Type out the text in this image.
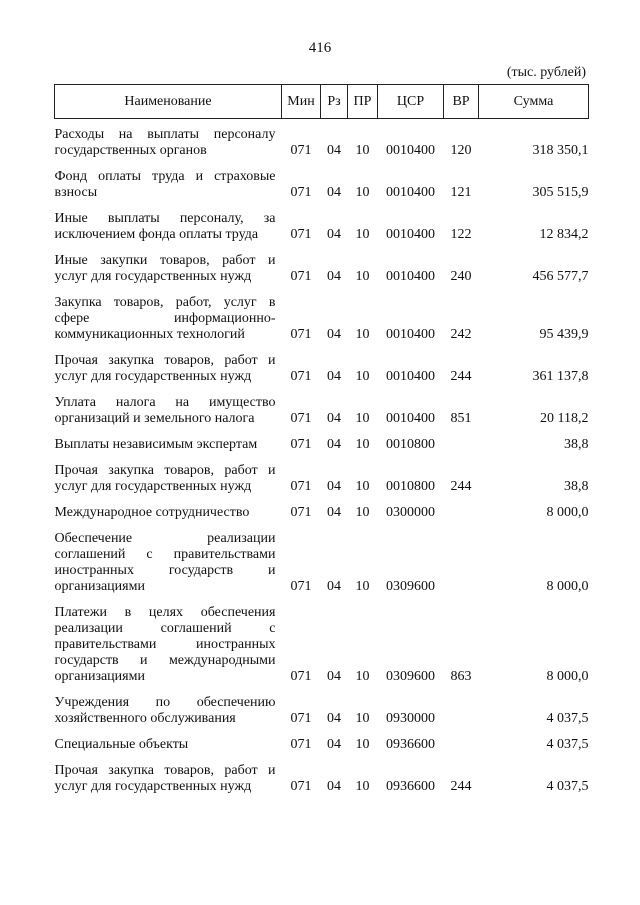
416
(тыс. рублей)
Наименование	Мин	Рз	ПР	ЦСР	ВР	Сумма

Расходы на выплаты персоналу государственных органов	071	04	10	0010400	120	318 350,1

Фонд оплаты труда и страховые взносы	071	04	10	0010400	121	305 515,9

Иные выплаты персоналу, за исключением фонда оплаты труда	071	04	10	0010400	122	12 834,2

Иные закупки товаров, работ и услуг для государственных нужд	071	04	10	0010400	240	456 577,7

Закупка товаров, работ, услуг в сфере информационно-коммуникационных технологий	071	04	10	0010400	242	95 439,9

Прочая закупка товаров, работ и услуг для государственных нужд	071	04	10	0010400	244	361 137,8

Уплата налога на имущество организаций и земельного налога	071	04	10	0010400	851	20 118,2

Выплаты независимым экспертам	071	04	10	0010800		38,8

Прочая закупка товаров, работ и услуг для государственных нужд	071	04	10	0010800	244	38,8

Международное сотрудничество	071	04	10	0300000		8 000,0

Обеспечение реализации соглашений с правительствами иностранных государств и организациями	071	04	10	0309600		8 000,0

Платежи в целях обеспечения реализации соглашений с правительствами иностранных государств и международными организациями	071	04	10	0309600	863	8 000,0

Учреждения по обеспечению хозяйственного обслуживания	071	04	10	0930000		4 037,5

Специальные объекты	071	04	10	0936600		4 037,5

Прочая закупка товаров, работ и услуг для государственных нужд	071	04	10	0936600	244	4 037,5
